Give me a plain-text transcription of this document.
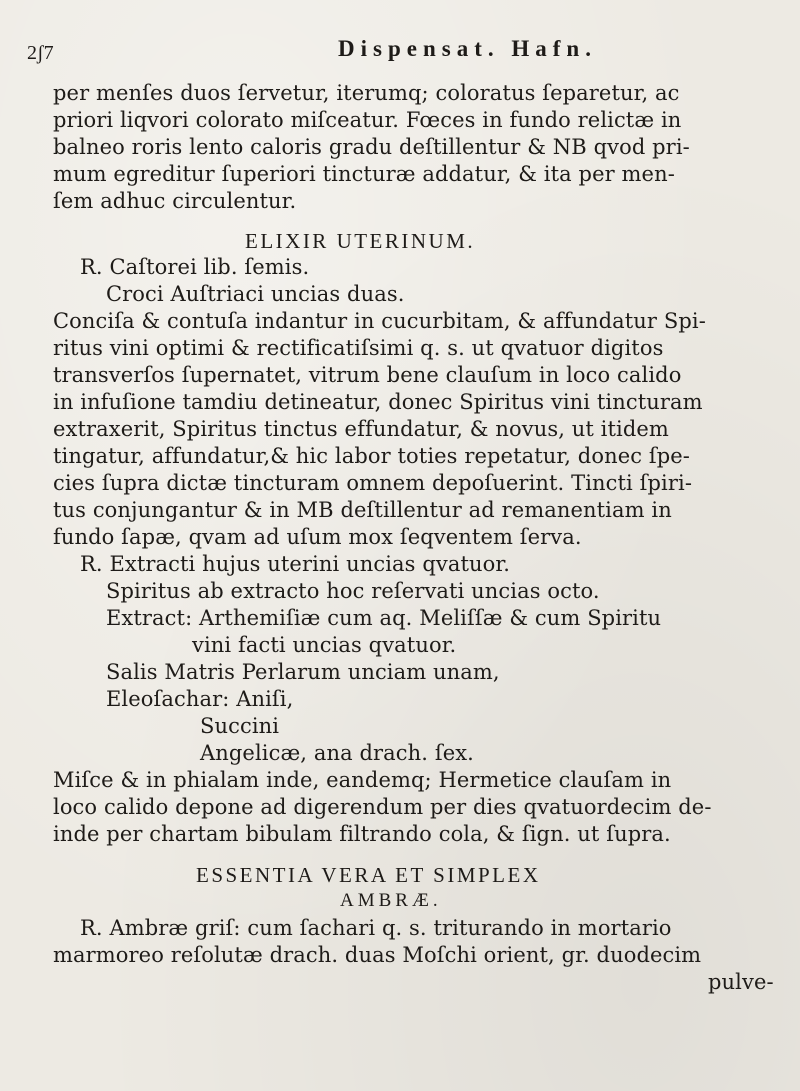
2ʃ7	Dispensat. Hafn.
per menſes duos ſervetur, iterumq; coloratus ſeparetur, ac
priori liqvori colorato miſceatur. Fœces in fundo relictæ in
balneo roris lento caloris gradu deſtillentur & NB qvod pri-
mum egreditur ſuperiori tincturæ addatur, & ita per men-
ſem adhuc circulentur.
ELIXIR UTERINUM.
R. Caſtorei lib. ſemis.
Croci Auſtriaci uncias duas.
Conciſa & contuſa indantur in cucurbitam, & affundatur Spi-
ritus vini optimi & rectificatiſsimi q. s. ut qvatuor digitos
transverſos ſupernatet, vitrum bene clauſum in loco calido
in infuſione tamdiu detineatur, donec Spiritus vini tincturam
extraxerit, Spiritus tinctus effundatur, & novus, ut itidem
tingatur, affundatur,& hic labor toties repetatur, donec ſpe-
cies ſupra dictæ tincturam omnem depoſuerint. Tincti ſpiri-
tus conjungantur & in MB deſtillentur ad remanentiam in
fundo ſapæ, qvam ad uſum mox ſeqventem ſerva.
R. Extracti hujus uterini uncias qvatuor.
Spiritus ab extracto hoc reſervati uncias octo.
Extract: Arthemiſiæ cum aq. Meliſſæ & cum Spiritu
vini facti uncias qvatuor.
Salis Matris Perlarum unciam unam,
Eleoſachar: Aniſi,
Succini
Angelicæ, ana drach. ſex.
Miſce & in phialam inde, eandemq; Hermetice clauſam in
loco calido depone ad digerendum per dies qvatuordecim de-
inde per chartam bibulam filtrando cola, & ſign. ut ſupra.
ESSENTIA VERA ET SIMPLEX
AMBRÆ.
R. Ambræ griſ: cum ſachari q. s. triturando in mortario
marmoreo reſolutæ drach. duas Moſchi orient, gr. duodecim
pulve-
